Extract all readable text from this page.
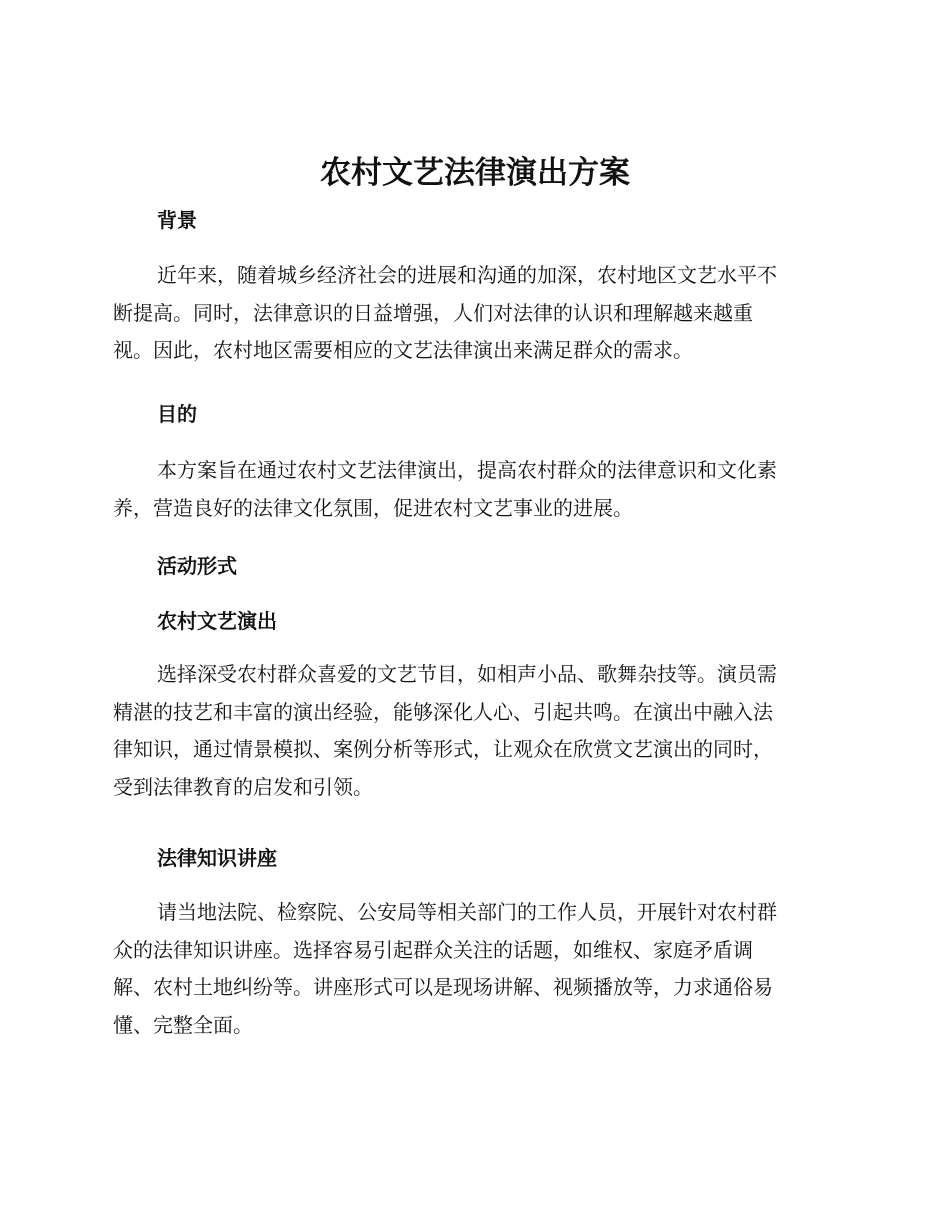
农村文艺法律演出方案
背景

近年来，随着城乡经济社会的进展和沟通的加深，农村地区文艺水平不
断提高。同时，法律意识的日益增强，人们对法律的认识和理解越来越重
视。因此，农村地区需要相应的文艺法律演出来满足群众的需求。

目的

本方案旨在通过农村文艺法律演出，提高农村群众的法律意识和文化素
养，营造良好的法律文化氛围，促进农村文艺事业的进展。

活动形式
农村文艺演出

选择深受农村群众喜爱的文艺节目，如相声小品、歌舞杂技等。演员需
精湛的技艺和丰富的演出经验，能够深化人心、引起共鸣。在演出中融入法
律知识，通过情景模拟、案例分析等形式，让观众在欣赏文艺演出的同时，
受到法律教育的启发和引领。

法律知识讲座

请当地法院、检察院、公安局等相关部门的工作人员，开展针对农村群
众的法律知识讲座。选择容易引起群众关注的话题，如维权、家庭矛盾调
解、农村土地纠纷等。讲座形式可以是现场讲解、视频播放等，力求通俗易
懂、完整全面。
